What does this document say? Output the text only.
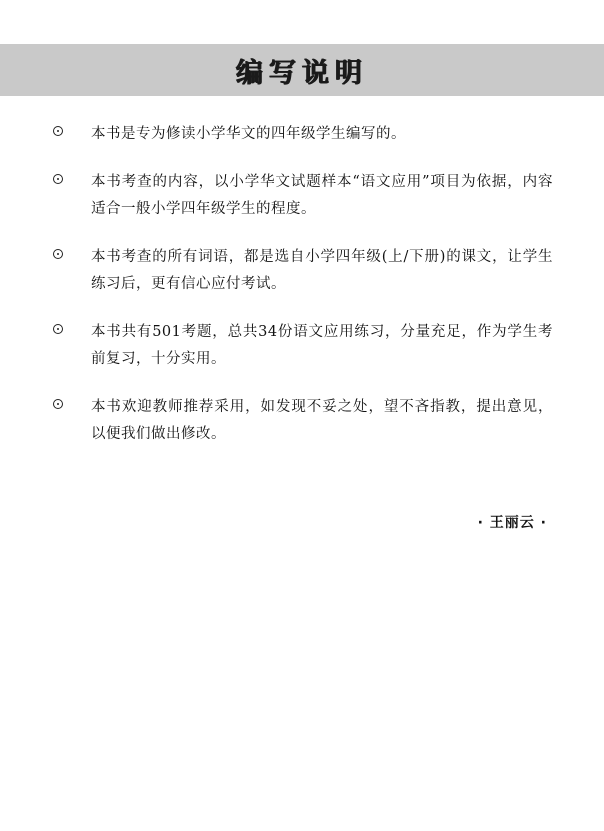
编写说明
本书是专为修读小学华文的四年级学生编写的。
本书考查的内容，以小学华文试题样本“语文应用”项目为依据，内容适合一般小学四年级学生的程度。
本书考查的所有词语，都是选自小学四年级(上/下册)的课文，让学生练习后，更有信心应付考试。
本书共有501考题，总共34份语文应用练习，分量充足，作为学生考前复习，十分实用。
本书欢迎教师推荐采用，如发现不妥之处，望不吝指教，提出意见，以便我们做出修改。
· 王丽云 ·
